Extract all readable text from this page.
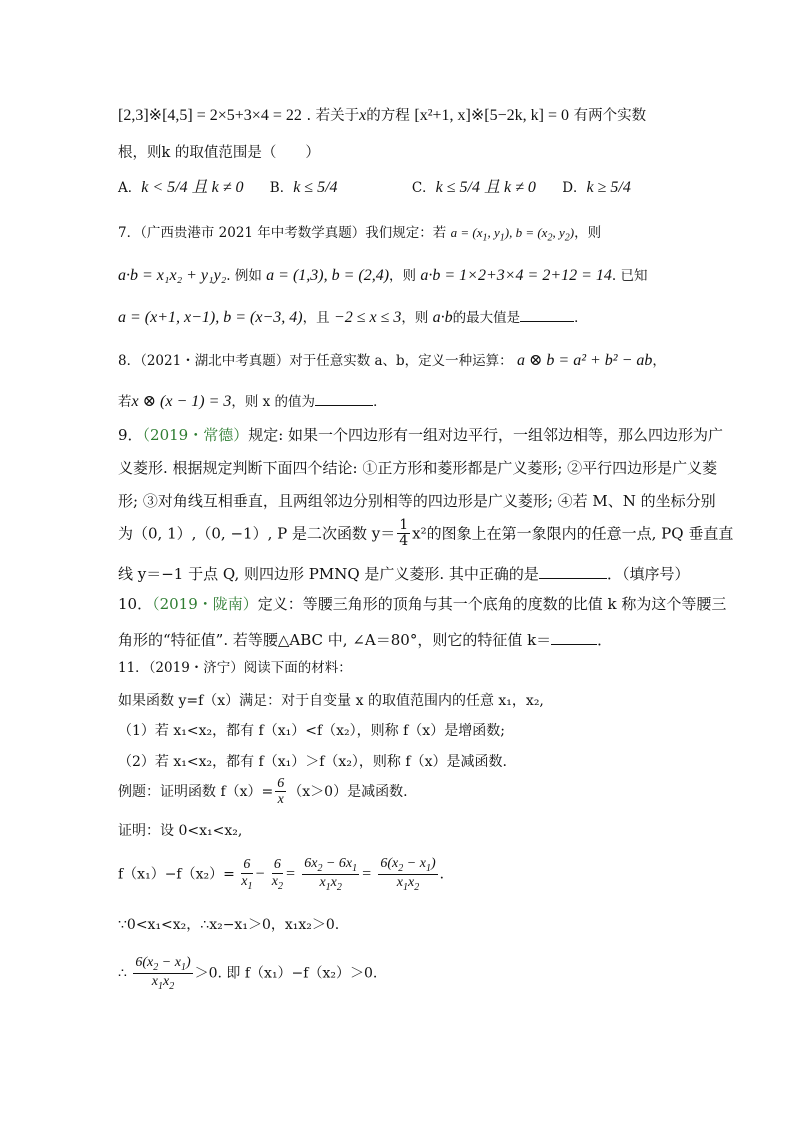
[2,3]※[4,5] = 2×5+3×4 = 22 . 若关于x的方程 [x²+1, x]※[5−2k, k] = 0 有两个实数
根，则k 的取值范围是（　　）
A．k < 5/4 且 k ≠ 0 B．k ≤ 5/4	C．k ≤ 5/4 且 k ≠ 0 D．k ≥ 5/4
7．（广西贵港市 2021 年中考数学真题）我们规定：若 $a = (x_1$, $y_1$), $b = (x_2$, $y_2$)，则
a·b = x₁x₂ + y₁y₂. 例如 a = (1,3), b = (2,4)，则 a·b = 1×2+3×4 = 2+12 = 14. 已知
a = (x+1, x−1), b = (x−3, 4)，且 −2 ≤ x ≤ 3，则 a·b的最大值是	．
8．（2021・湖北中考真题）对于任意实数 a、b，定义一种运算： a ⊗ b = a² + b² − ab，
若x ⊗ (x − 1) = 3，则 x 的值为	．
9．（2019・常德）规定: 如果一个四边形有一组对边平行，一组邻边相等，那么四边形为广
义菱形. 根据规定判断下面四个结论: ①正方形和菱形都是广义菱形; ②平行四边形是广义菱
形; ③对角线互相垂直，且两组邻边分别相等的四边形是广义菱形; ④若 M、N 的坐标分别
为（0, 1）,（0, −1）, P 是二次函数 $y= \frac{1}{4} x^2$的图象上在第一象限内的任意一点, PQ 垂直直
线 y＝−1 于点 Q, 则四边形 PMNQ 是广义菱形. 其中正确的是	．（填序号）
10．（2019・陇南）定义：等腰三角形的顶角与其一个底角的度数的比值 k 称为这个等腰三
角形的“特征值”. 若等腰△ABC 中, ∠A＝80°，则它的特征值 k＝	．
11．（2019・济宁）阅读下面的材料：
如果函数 y=f（x）满足：对于自变量 x 的取值范围内的任意 x₁，x₂,
（1）若 x₁<x₂，都有 f（x₁）<f（x₂），则称 f（x）是增函数;
（2）若 x₁<x₂，都有 f（x₁）＞f（x₂），则称 f（x）是减函数.
例题：证明函数 $f(x)= \frac{6}{x} (x>0)$是减函数.
证明：设 0<x₁<x₂,
$f(x_1)-f(x_2)= \frac{6}{x_1} - \frac{6}{x_2} = \frac{6x_2 - 6x_1}{x_1x_2} = \frac{6(x_2 - x_1)}{x_1x_2}$ ．
∵0<x₁<x₂，∴x₂−x₁＞0，x₁x₂＞0.
∴ $\frac{6(x_2 - x_1)}{x_1x_2} >0$. 即 f（x₁）−f（x₂）＞0.
